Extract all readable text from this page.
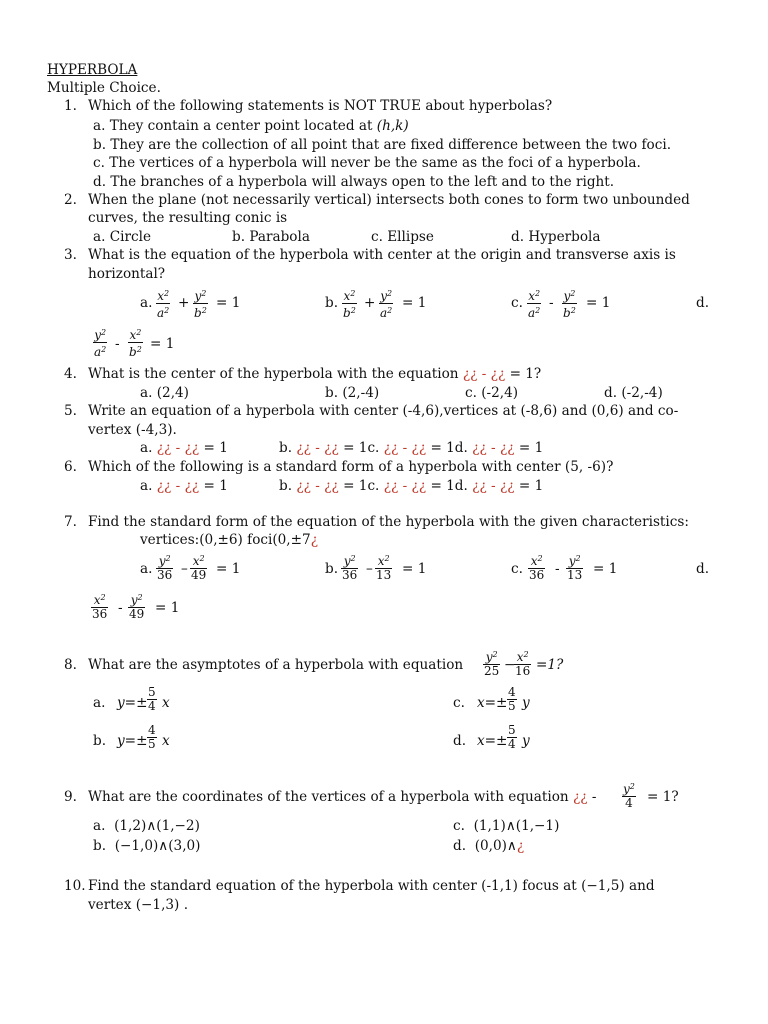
HYPERBOLA
Multiple Choice.
1. Which of the following statements is NOT TRUE about hyperbolas?
a. They contain a center point located at (h,k)
b. They are the collection of all point that are fixed difference between the two foci.
c. The vertices of a hyperbola will never be the same as the foci of a hyperbola.
d. The branches of a hyperbola will always open to the left and to the right.
2. When the plane (not necessarily vertical) intersects both cones to form two unbounded
curves, the resulting conic is
a. Circle	b. Parabola	c. Ellipse	d. Hyperbola
3. What is the equation of the hyperbola with center at the origin and transverse axis is
horizontal?
a. $\frac{x^2}{a^2} + \frac{y^2}{b^2} = 1$	b. $\frac{x^2}{b^2} + \frac{y^2}{a^2} = 1$	c. $\frac{x^2}{a^2} - \frac{y^2}{b^2} = 1$	d.
$\frac{y^2}{a^2} - \frac{x^2}{b^2} = 1$
4. What is the center of the hyperbola with the equation ¿¿ - ¿¿ = 1?
a. (2,4)	b. (2,-4)	c. (-2,4)	d. (-2,-4)
5. Write an equation of a hyperbola with center (-4,6),vertices at (-8,6) and (0,6) and co-
vertex (-4,3).
a. ¿¿ - ¿¿ = 1	b. ¿¿ - ¿¿ = 1c. ¿¿ - ¿¿ = 1d. ¿¿ - ¿¿ = 1
6. Which of the following is a standard form of a hyperbola with center (5, -6)?
a. ¿¿ - ¿¿ = 1	b. ¿¿ - ¿¿ = 1c. ¿¿ - ¿¿ = 1d. ¿¿ - ¿¿ = 1
7. Find the standard form of the equation of the hyperbola with the given characteristics:
vertices:(0,±6) foci(0,±7¿
a. $\frac{y^2}{36} - \frac{x^2}{49} = 1$	b. $\frac{y^2}{36} - \frac{x^2}{13} = 1$	c. $\frac{x^2}{36} - \frac{y^2}{13} = 1$	d.
$\frac{x^2}{36} - \frac{y^2}{49} = 1$
8. What are the asymptotes of a hyperbola with equation $\frac{y^2}{25}$ −
$\frac{x^2}{16} =1$?
a. $y=\pm \frac{5}{4}$ x	c. $x=\pm \frac{4}{5}$ y
b. $y=\pm \frac{4}{5}$ x	d. $x=\pm \frac{5}{4}$ y
9. What are the coordinates of the vertices of a hyperbola with equation ¿¿ - $\frac{y^2}{4} = 1$?
a. (1,2)∧(1,−2)
b. (−1,0)∧(3,0)
c. (1,1)∧(1,−1)
d. (0,0)∧¿
10. Find the standard equation of the hyperbola with center (-1,1) focus at (−1,5) and
vertex (−1,3) .
